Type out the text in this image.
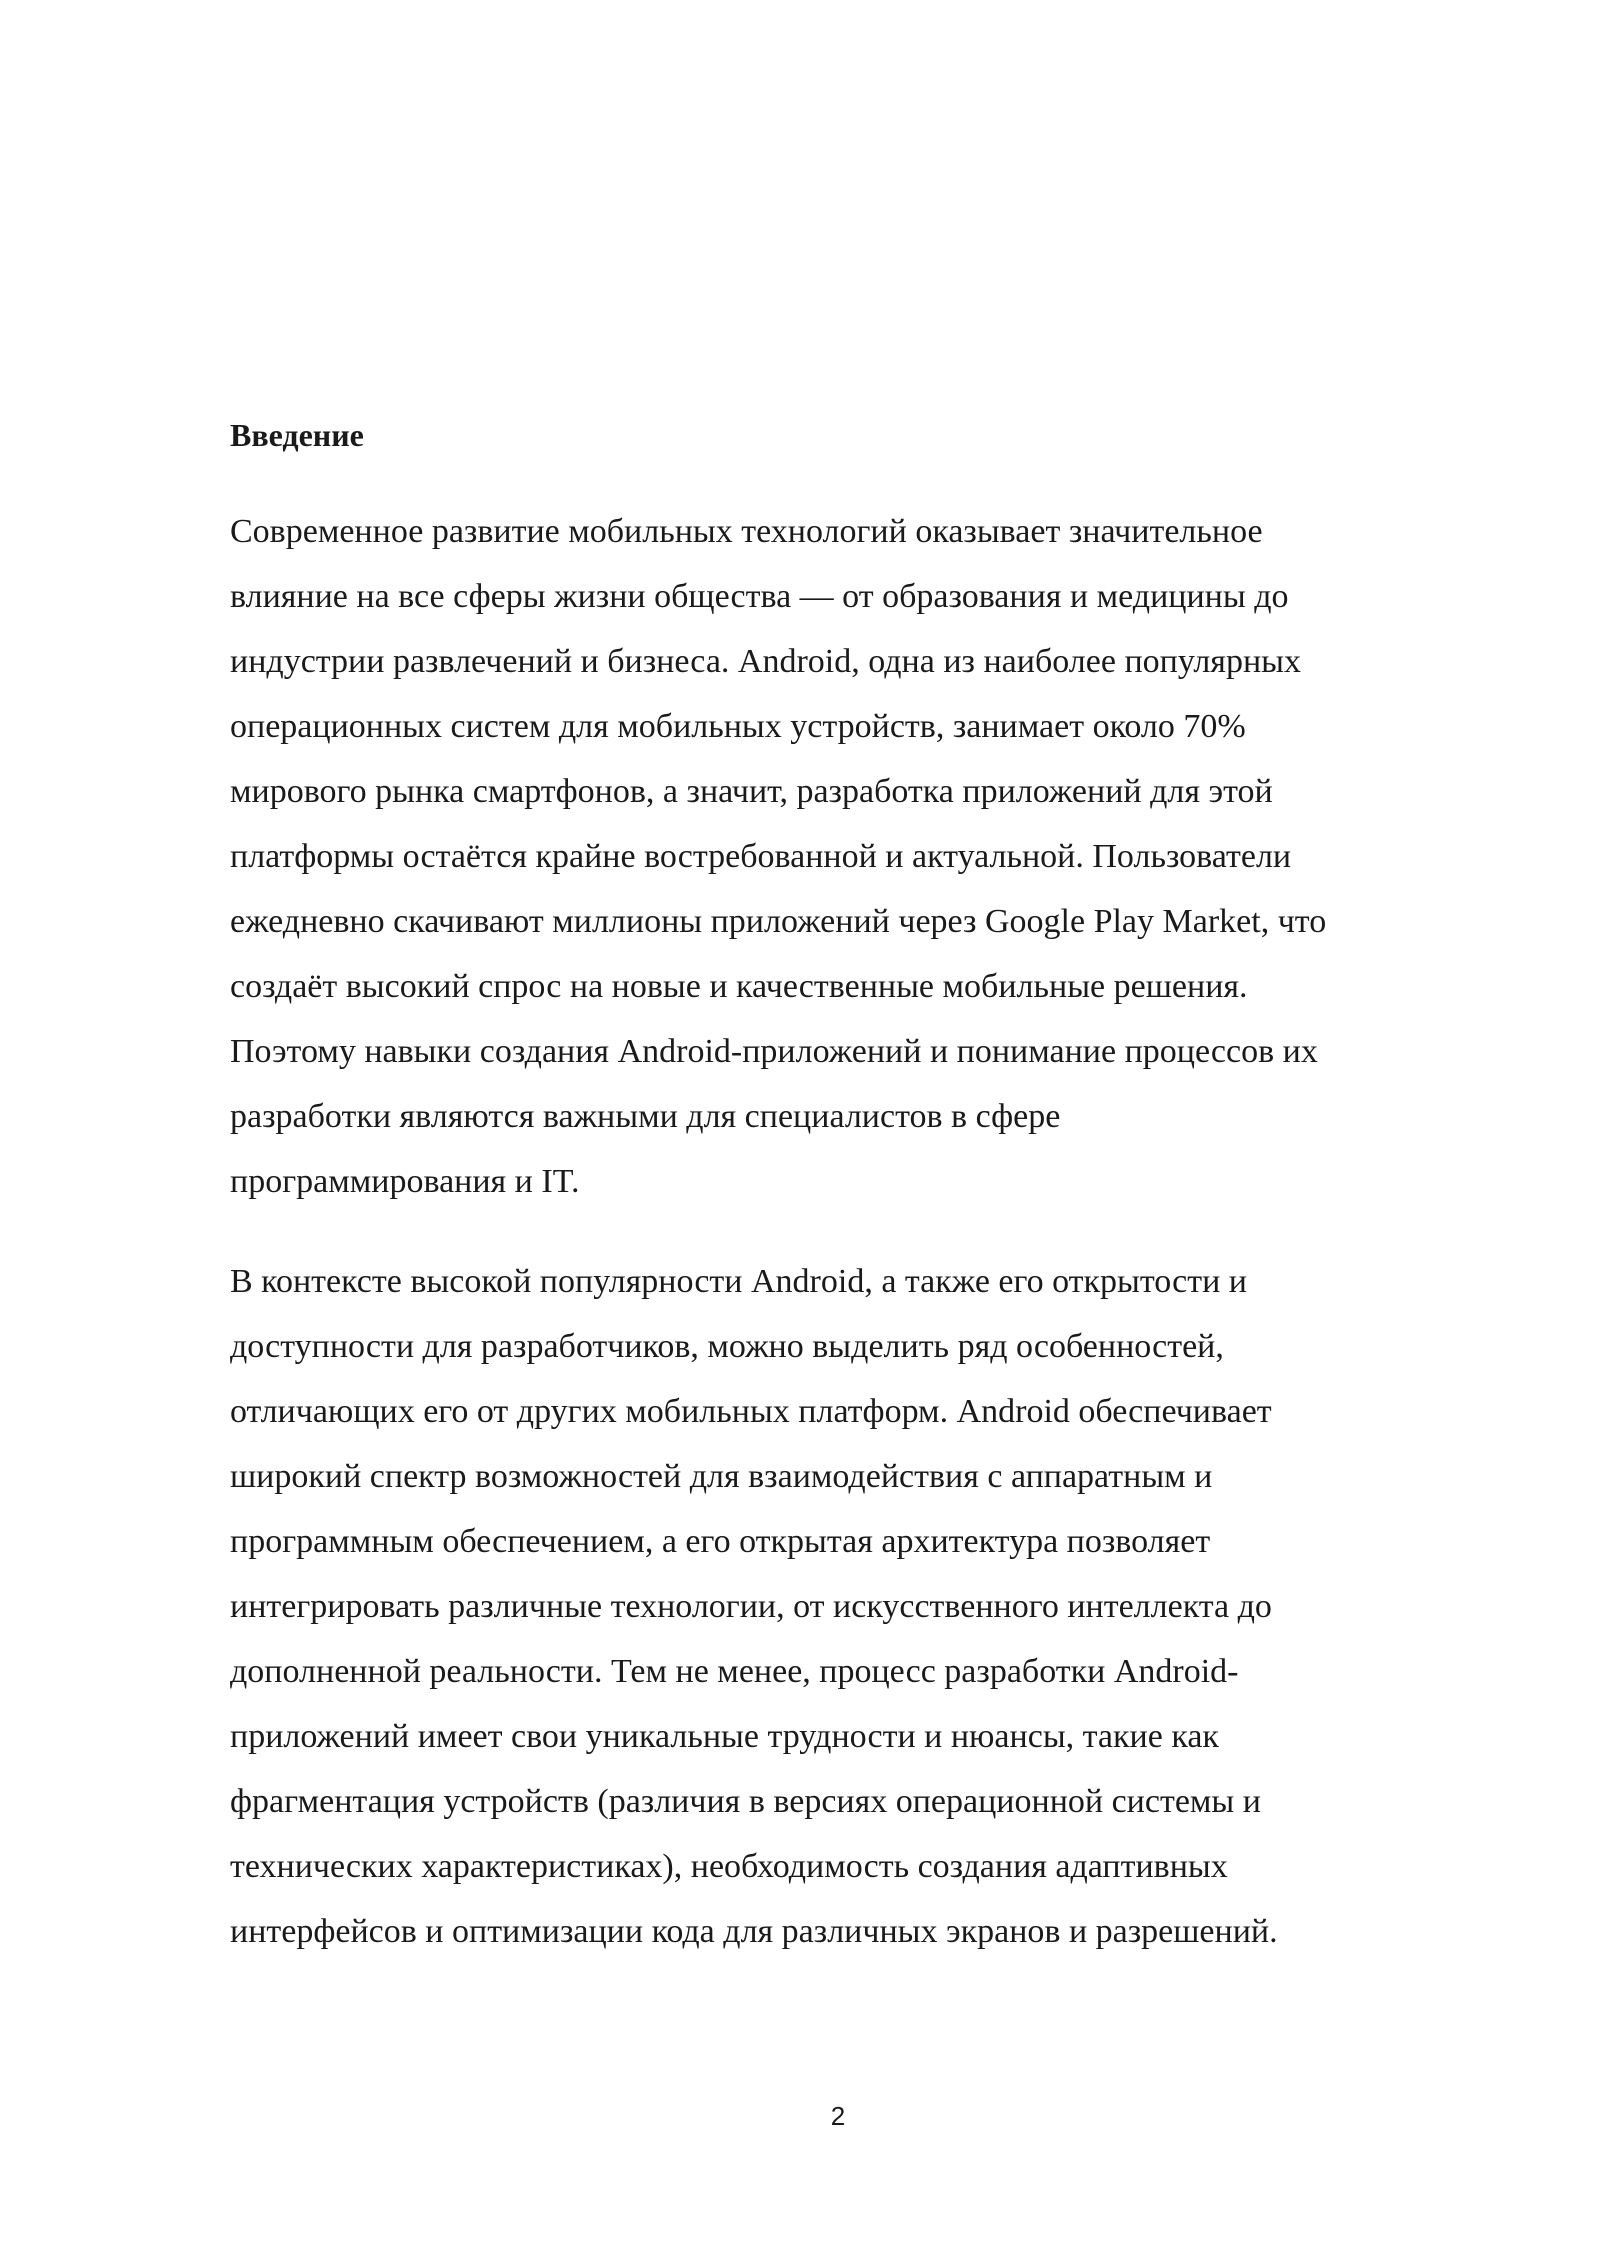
Введение

Современное развитие мобильных технологий оказывает значительное
влияние на все сферы жизни общества — от образования и медицины до
индустрии развлечений и бизнеса. Android, одна из наиболее популярных
операционных систем для мобильных устройств, занимает около 70%
мирового рынка смартфонов, а значит, разработка приложений для этой
платформы остаётся крайне востребованной и актуальной. Пользователи
ежедневно скачивают миллионы приложений через Google Play Market, что
создаёт высокий спрос на новые и качественные мобильные решения.
Поэтому навыки создания Android-приложений и понимание процессов их
разработки являются важными для специалистов в сфере
программирования и IT.

В контексте высокой популярности Android, а также его открытости и
доступности для разработчиков, можно выделить ряд особенностей,
отличающих его от других мобильных платформ. Android обеспечивает
широкий спектр возможностей для взаимодействия с аппаратным и
программным обеспечением, а его открытая архитектура позволяет
интегрировать различные технологии, от искусственного интеллекта до
дополненной реальности. Тем не менее, процесс разработки Android-
приложений имеет свои уникальные трудности и нюансы, такие как
фрагментация устройств (различия в версиях операционной системы и
технических характеристиках), необходимость создания адаптивных
интерфейсов и оптимизации кода для различных экранов и разрешений.

2
